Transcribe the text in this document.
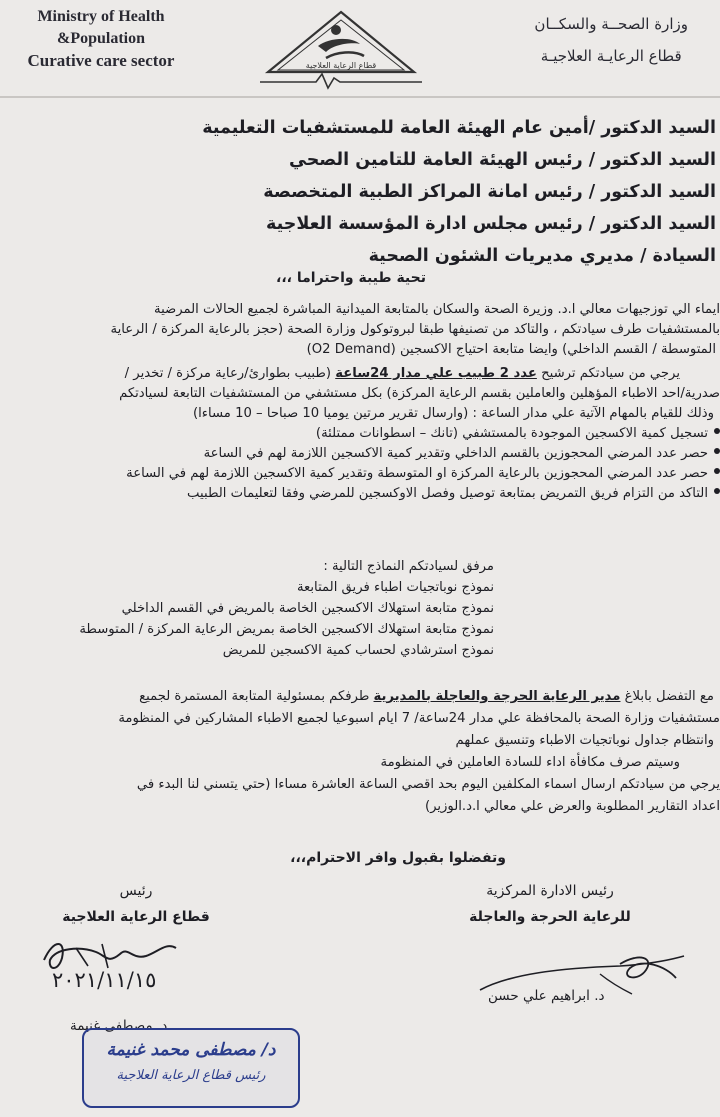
Ministry of Health
&Population
Curative care sector	قطاع الرعاية العلاجية
وزارة الصحــة والسكــان
قطاع الرعايـة العلاجيـة
السيد الدكتور /أمين عام الهيئة العامة للمستشفيات التعليمية
السيد الدكتور / رئيس الهيئة العامة للتامين الصحي
السيد الدكتور / رئيس امانة المراكز الطبية المتخصصة
السيد الدكتور / رئيس مجلس ادارة المؤسسة العلاجية
السيادة / مديري مديريات الشئون الصحية
تحية طيبة واحتراما ،،،
ايماء الي توزجيهات معالي ا.د. وزيرة الصحة والسكان بالمتابعة الميدانية المباشرة لجميع الحالات المرضية
بالمستشفيات طرف سيادتكم ، والتاكد من تصنيفها طبقا لبروتوكول وزارة الصحة (حجز بالرعاية المركزة / الرعاية
المتوسطة / القسم الداخلي) وايضا متابعة احتياج الاكسجين (O2 Demand)
يرجي من سيادتكم ترشيح عدد 2 طبيب علي مدار 24ساعة (طبيب بطوارئ/رعاية مركزة / تخدير /
صدرية/احد الاطباء المؤهلين والعاملين بقسم الرعاية المركزة) بكل مستشفي من المستشفيات التابعة لسيادتكم
وذلك للقيام بالمهام الآتية علي مدار الساعة : (وارسال تقرير مرتين يوميا 10 صباحا – 10 مساءا)
تسجيل كمية الاكسجين الموجودة بالمستشفي (تانك – اسطوانات ممتلئة)
حصر عدد المرضي المحجوزين بالقسم الداخلي وتقدير كمية الاكسجين اللازمة لهم في الساعة
حصر عدد المرضي المحجوزين بالرعاية المركزة او المتوسطة وتقدير كمية الاكسجين اللازمة لهم في الساعة
التاكد من التزام فريق التمريض بمتابعة توصيل وفصل الاوكسجين للمرضي وفقا لتعليمات الطبيب
مرفق لسيادتكم النماذج التالية :
نموذج نوباتجيات اطباء فريق المتابعة
نموذج متابعة استهلاك الاكسجين الخاصة بالمريض في القسم الداخلي
نموذج متابعة استهلاك الاكسجين الخاصة بمريض الرعاية المركزة / المتوسطة
نموذج استرشادي لحساب كمية الاكسجين للمريض
مع التفضل بابلاغ مدير الرعاية الحرجة والعاجلة بالمديرية طرفكم بمسئولية المتابعة المستمرة لجميع
مستشفيات وزارة الصحة بالمحافظة علي مدار 24ساعة/ 7 ايام اسبوعيا لجميع الاطباء المشاركين في المنظومة
وانتظام جداول نوباتجيات الاطباء وتنسيق عملهم
وسيتم صرف مكافأة اداء للسادة العاملين في المنظومة
يرجي من سيادتكم ارسال اسماء المكلفين اليوم بحد اقصي الساعة العاشرة مساءا (حتي يتسني لنا البدء في
اعداد التقارير المطلوبة والعرض علي معالي ا.د.الوزير)
وتفضلوا بقبول وافر الاحترام،،،
رئيس الادارة المركزية
للرعاية الحرجة والعاجلة
رئيس
قطاع الرعاية العلاجية
٢٠٢١/١١/١٥
د. مصطفى غنيمة
د. ابراهيم علي حسن
د/ مصطفى محمد غنيمة
رئيس قطاع الرعاية العلاجية
